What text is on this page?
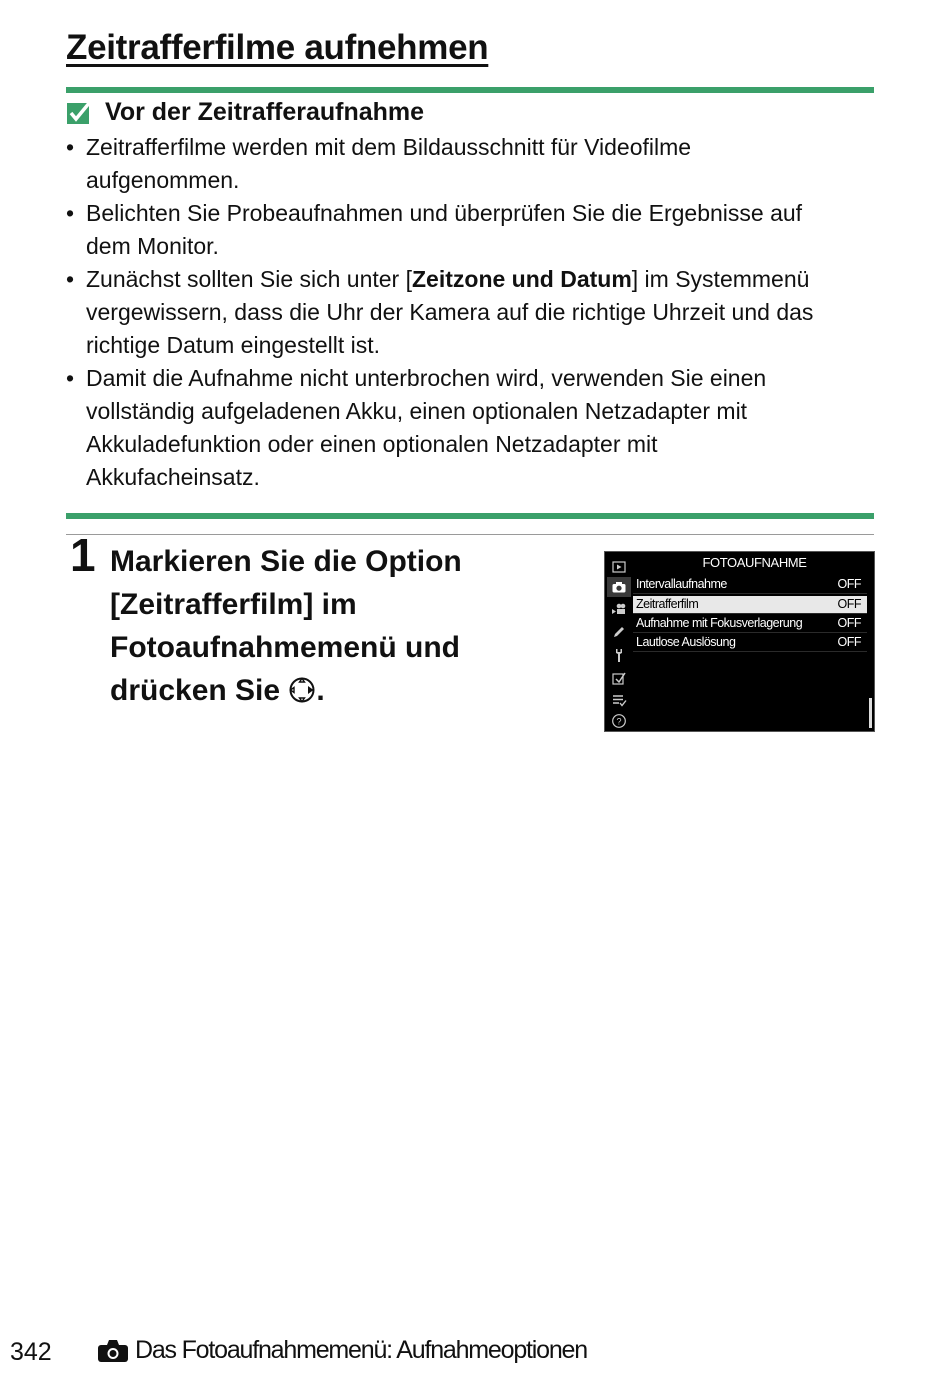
Zeitrafferfilme aufnehmen
Vor der Zeitrafferaufnahme
• Zeitrafferfilme werden mit dem Bildausschnitt für Videofilme
aufgenommen.
• Belichten Sie Probeaufnahmen und überprüfen Sie die Ergebnisse auf
dem Monitor.
• Zunächst sollten Sie sich unter [Zeitzone und Datum] im Systemmenü
vergewissern, dass die Uhr der Kamera auf die richtige Uhrzeit und das
richtige Datum eingestellt ist.
• Damit die Aufnahme nicht unterbrochen wird, verwenden Sie einen
vollständig aufgeladenen Akku, einen optionalen Netzadapter mit
Akkuladefunktion oder einen optionalen Netzadapter mit
Akkufacheinsatz.
1 Markieren Sie die Option
[Zeitrafferfilm] im
Fotoaufnahmemenü und
drücken Sie .
?
FOTOAUFNAHME
Intervallaufnahme	OFF
Zeitrafferfilm	OFF
Aufnahme mit Fokusverlagerung	OFF
Lautlose Auslösung	OFF
342	Das Fotoaufnahmemenü: Aufnahmeoptionen
